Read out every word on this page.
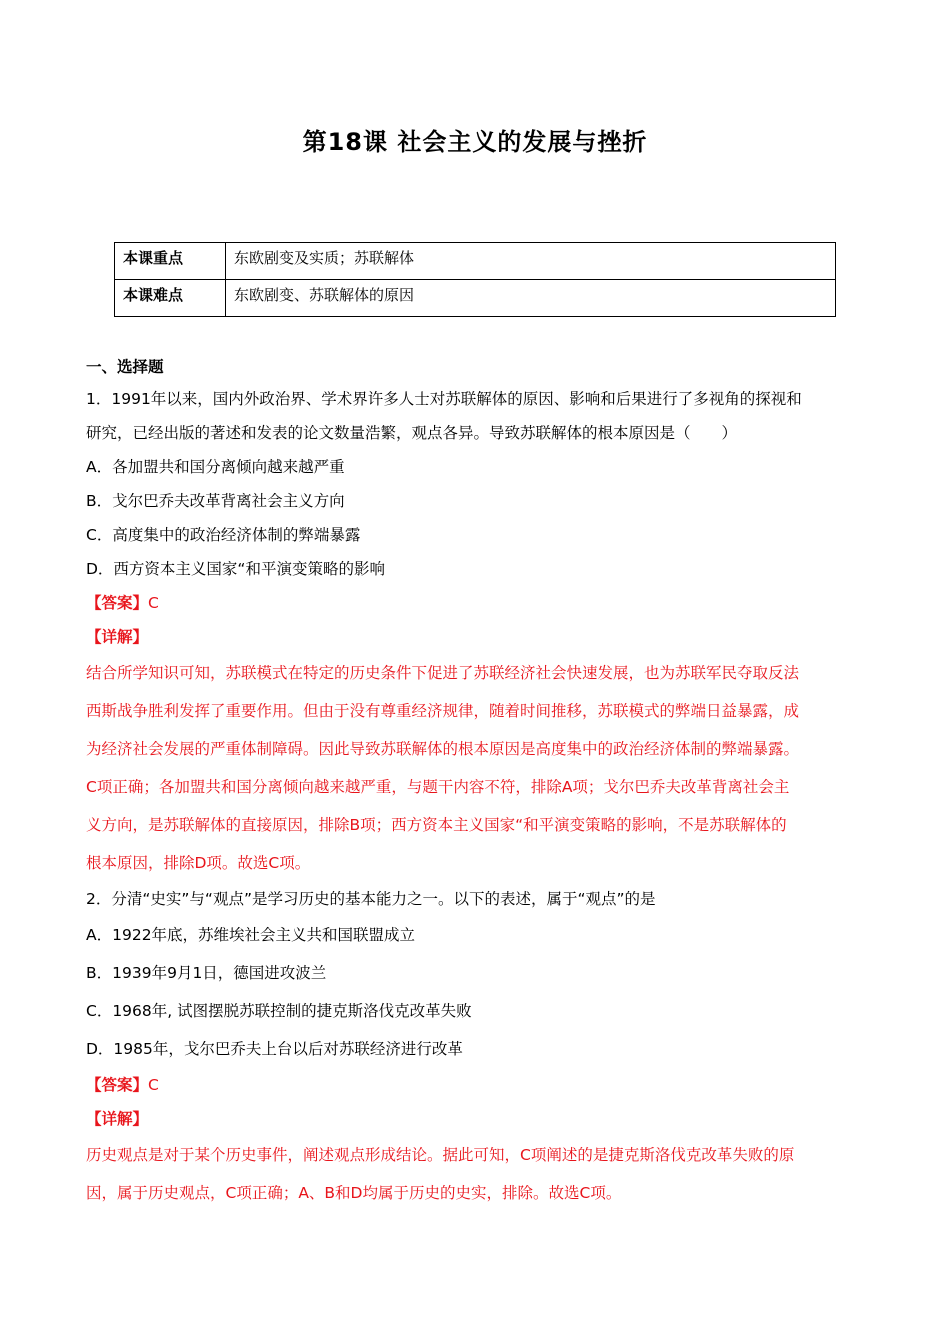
第18课 社会主义的发展与挫折
本课重点	东欧剧变及实质；苏联解体
本课难点	东欧剧变、苏联解体的原因
一、选择题
1．1991年以来，国内外政治界、学术界许多人士对苏联解体的原因、影响和后果进行了多视角的探视和
研究，已经出版的著述和发表的论文数量浩繁，观点各异。导致苏联解体的根本原因是（　　）
A．各加盟共和国分离倾向越来越严重
B．戈尔巴乔夫改革背离社会主义方向
C．高度集中的政治经济体制的弊端暴露
D．西方资本主义国家“和平演变策略的影响
【答案】C
【详解】
结合所学知识可知，苏联模式在特定的历史条件下促进了苏联经济社会快速发展，也为苏联军民夺取反法
西斯战争胜利发挥了重要作用。但由于没有尊重经济规律，随着时间推移，苏联模式的弊端日益暴露，成
为经济社会发展的严重体制障碍。因此导致苏联解体的根本原因是高度集中的政治经济体制的弊端暴露。
C项正确；各加盟共和国分离倾向越来越严重，与题干内容不符，排除A项；戈尔巴乔夫改革背离社会主
义方向，是苏联解体的直接原因，排除B项；西方资本主义国家“和平演变策略的影响，不是苏联解体的
根本原因，排除D项。故选C项。
2．分清“史实”与“观点”是学习历史的基本能力之一。以下的表述，属于“观点”的是
A．1922年底，苏维埃社会主义共和国联盟成立
B．1939年9月1日，德国进攻波兰
C．1968年, 试图摆脱苏联控制的捷克斯洛伐克改革失败
D．1985年，戈尔巴乔夫上台以后对苏联经济进行改革
【答案】C
【详解】
历史观点是对于某个历史事件，阐述观点形成结论。据此可知，C项阐述的是捷克斯洛伐克改革失败的原
因，属于历史观点，C项正确；A、B和D均属于历史的史实，排除。故选C项。
